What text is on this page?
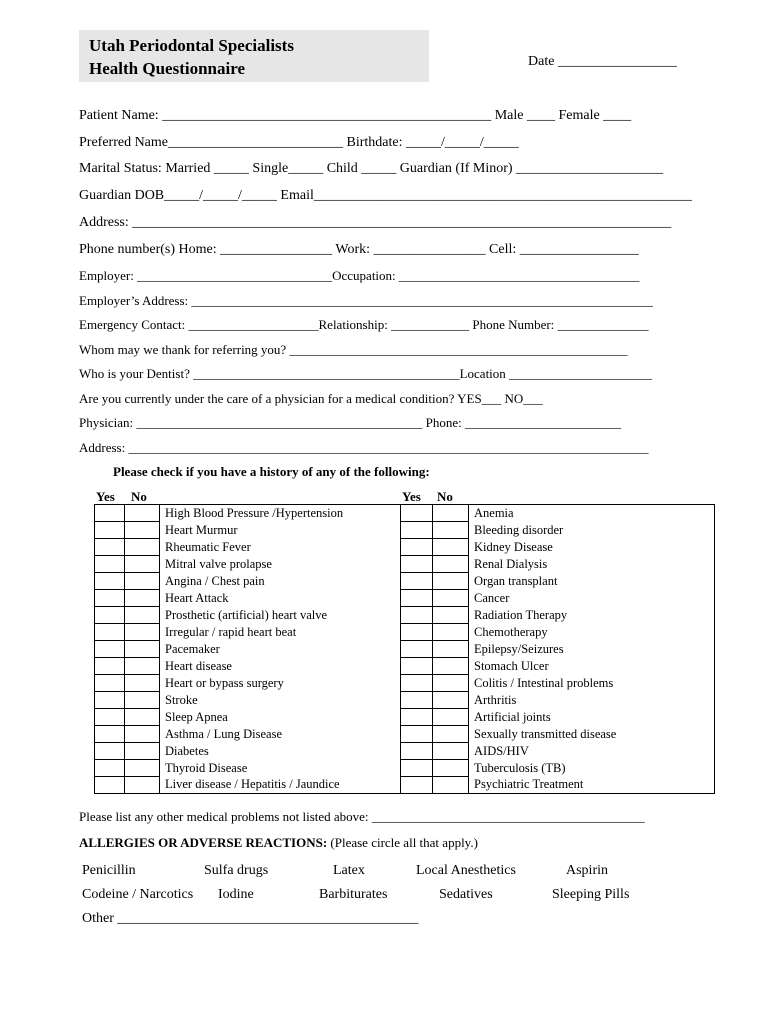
Utah Periodontal Specialists
Health Questionnaire	Date _________________
Patient Name: _______________________________________________ Male ____ Female ____
Preferred Name_________________________ Birthdate: _____/_____/_____
Marital Status: Married _____ Single_____ Child _____ Guardian (If Minor) _____________________
Guardian DOB_____/_____/_____ Email______________________________________________________
Address: _____________________________________________________________________________
Phone number(s) Home: ________________ Work: ________________ Cell: _________________
Employer: ______________________________Occupation: _____________________________________
Employer’s Address: _______________________________________________________________________
Emergency Contact: ____________________Relationship: ____________ Phone Number: ______________
Whom may we thank for referring you? ____________________________________________________
Who is your Dentist? _________________________________________Location ______________________
Are you currently under the care of a physician for a medical condition? YES___ NO___
Physician: ____________________________________________ Phone: ________________________
Address: ________________________________________________________________________________
Please check if you have a history of any of the following:
Yes No	Yes No
		High Blood Pressure /Hypertension			Anemia
		Heart Murmur			Bleeding disorder
		Rheumatic Fever			Kidney Disease
		Mitral valve prolapse			Renal Dialysis
		Angina / Chest pain			Organ transplant
		Heart Attack			Cancer
		Prosthetic (artificial) heart valve			Radiation Therapy
		Irregular / rapid heart beat			Chemotherapy
		Pacemaker			Epilepsy/Seizures
		Heart disease			Stomach Ulcer
		Heart or bypass surgery			Colitis / Intestinal problems
		Stroke			Arthritis
		Sleep Apnea			Artificial joints
		Asthma / Lung Disease			Sexually transmitted disease
		Diabetes			AIDS/HIV
		Thyroid Disease			Tuberculosis (TB)
		Liver disease / Hepatitis / Jaundice			Psychiatric Treatment
Please list any other medical problems not listed above: __________________________________________
ALLERGIES OR ADVERSE REACTIONS: (Please circle all that apply.)
Penicillin	Sulfa drugs	Latex	Local Anesthetics	Aspirin
Codeine / Narcotics Iodine	Barbiturates	Sedatives	Sleeping Pills
Other ___________________________________________
